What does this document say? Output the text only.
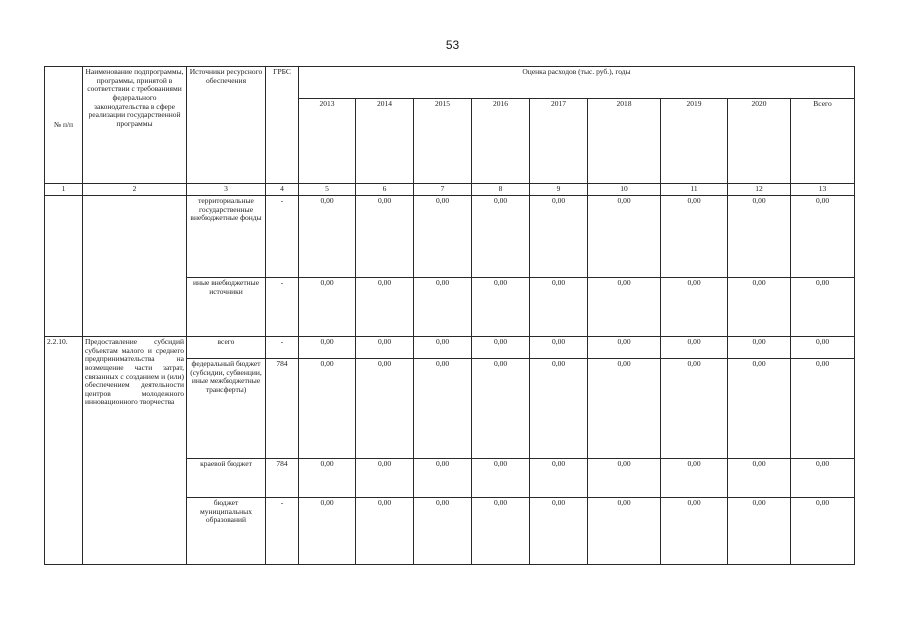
53
№ п/п	Наименование подпрограммы, программы, принятой в соответствии с требованиями федерального законодательства в сфере реализации государственной программы	Источники ресурсного обеспечения	ГРБС	Оценка расходов (тыс. руб.), годы								
				2013	2014	2015	2016	2017	2018	2019	2020	Всего
1	2	3	4	5	6	7	8	9	10	11	12	13
		территориальные государственные внебюджетные фонды	-	0,00	0,00	0,00	0,00	0,00	0,00	0,00	0,00	0,00
		иные внебюджетные источники	-	0,00	0,00	0,00	0,00	0,00	0,00	0,00	0,00	0,00
2.2.10.	Предоставление субсидий субъектам малого и среднего предпринимательства на возмещение части затрат, связанных с созданием и (или) обеспечением деятельности центров молодежного инновационного творчества	всего	-	0,00	0,00	0,00	0,00	0,00	0,00	0,00	0,00	0,00
		федеральный бюджет (субсидии, субвенции, иные межбюджетные трансферты)	784	0,00	0,00	0,00	0,00	0,00	0,00	0,00	0,00	0,00
		краевой бюджет	784	0,00	0,00	0,00	0,00	0,00	0,00	0,00	0,00	0,00
		бюджет муниципальных образований	-	0,00	0,00	0,00	0,00	0,00	0,00	0,00	0,00	0,00
